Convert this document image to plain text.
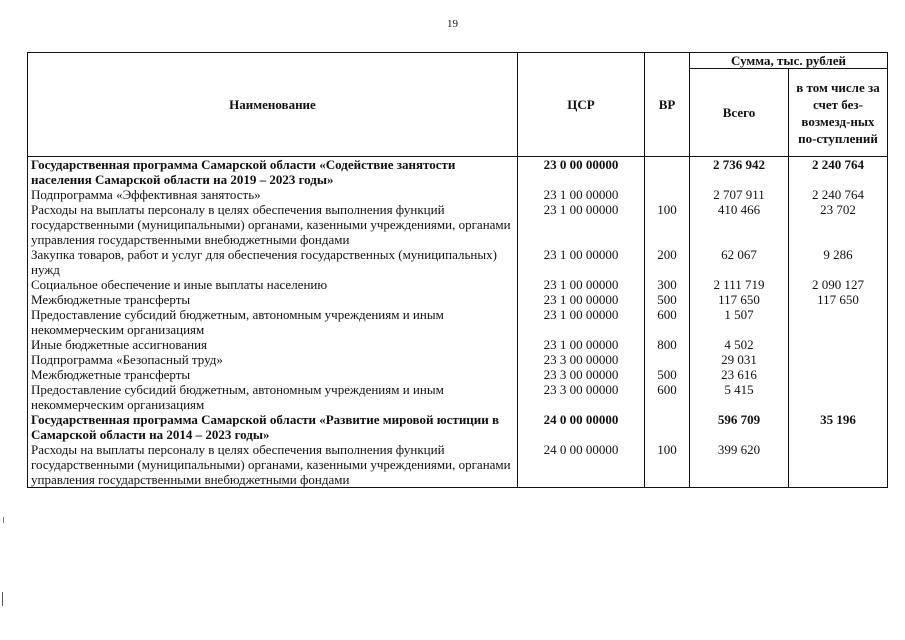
19
Наименование	ЦСР	ВР	Сумма, тыс. рублей	
			Всего	в том числе за счет без-возмезд-ных по-ступлений
Государственная программа Самарской области «Содействие занятости населения Самарской области на 2019 – 2023 годы»	23 0 00 00000		2 736 942	2 240 764
Подпрограмма «Эффективная занятость»	23 1 00 00000		2 707 911	2 240 764
Расходы на выплаты персоналу в целях обеспечения выполнения функций государственными (муниципальными) органами, казенными учреждениями, органами управления государственными внебюджетными фондами	23 1 00 00000	100	410 466	23 702
Закупка товаров, работ и услуг для обеспечения государственных (муниципальных) нужд	23 1 00 00000	200	62 067	9 286
Социальное обеспечение и иные выплаты населению	23 1 00 00000	300	2 111 719	2 090 127
Межбюджетные трансферты	23 1 00 00000	500	117 650	117 650
Предоставление субсидий бюджетным, автономным учреждениям и иным некоммерческим организациям	23 1 00 00000	600	1 507	
Иные бюджетные ассигнования	23 1 00 00000	800	4 502	
Подпрограмма «Безопасный труд»	23 3 00 00000		29 031	
Межбюджетные трансферты	23 3 00 00000	500	23 616	
Предоставление субсидий бюджетным, автономным учреждениям и иным некоммерческим организациям	23 3 00 00000	600	5 415	
Государственная программа Самарской области «Развитие мировой юстиции в Самарской области на 2014 – 2023 годы»	24 0 00 00000		596 709	35 196
Расходы на выплаты персоналу в целях обеспечения выполнения функций государственными (муниципальными) органами, казенными учреждениями, органами управления государственными внебюджетными фондами	24 0 00 00000	100	399 620	
